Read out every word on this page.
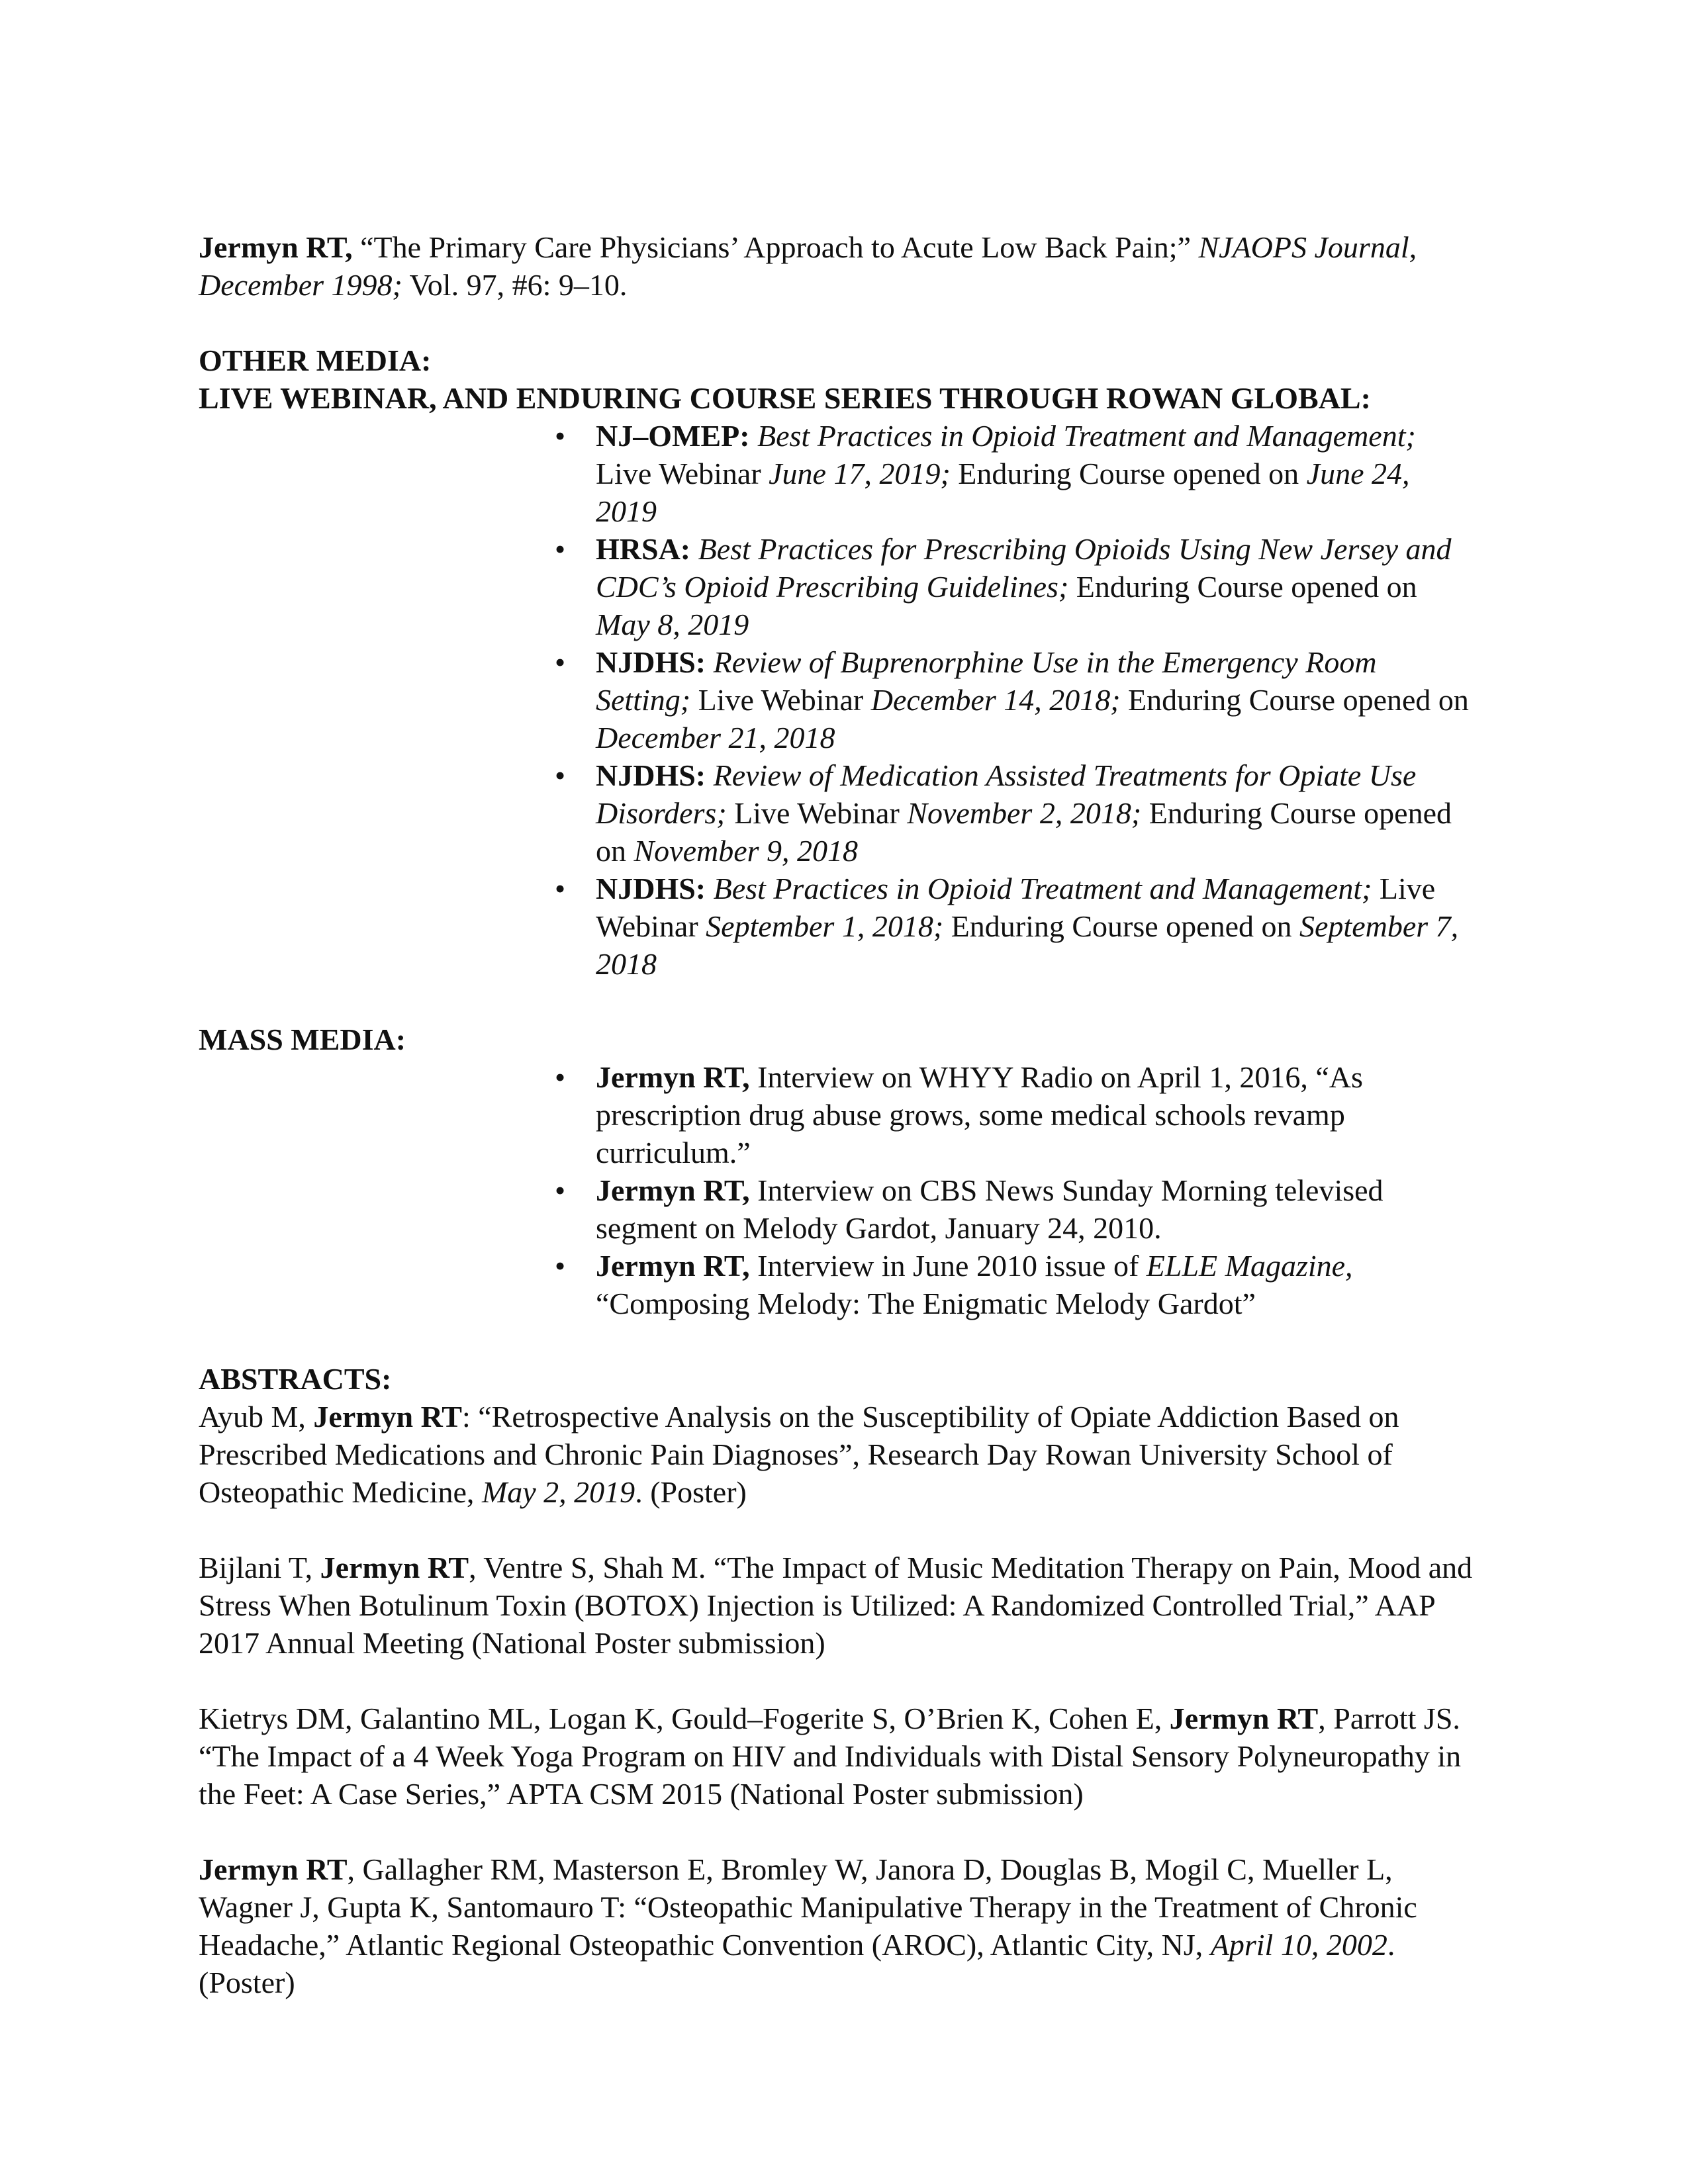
Jermyn RT, “The Primary Care Physicians’ Approach to Acute Low Back Pain;” NJAOPS Journal, December 1998; Vol. 97, #6: 9–10.

OTHER MEDIA:

LIVE WEBINAR, AND ENDURING COURSE SERIES THROUGH ROWAN GLOBAL:

• NJ–OMEP: Best Practices in Opioid Treatment and Management; Live Webinar June 17, 2019; Enduring Course opened on June 24, 2019
• HRSA: Best Practices for Prescribing Opioids Using New Jersey and CDC’s Opioid Prescribing Guidelines; Enduring Course opened on May 8, 2019
• NJDHS: Review of Buprenorphine Use in the Emergency Room Setting; Live Webinar December 14, 2018; Enduring Course opened on December 21, 2018
• NJDHS: Review of Medication Assisted Treatments for Opiate Use Disorders; Live Webinar November 2, 2018; Enduring Course opened on November 9, 2018
• NJDHS: Best Practices in Opioid Treatment and Management; Live Webinar September 1, 2018; Enduring Course opened on September 7, 2018

MASS MEDIA:

• Jermyn RT, Interview on WHYY Radio on April 1, 2016, “As prescription drug abuse grows, some medical schools revamp curriculum.”
• Jermyn RT, Interview on CBS News Sunday Morning televised segment on Melody Gardot, January 24, 2010.
• Jermyn RT, Interview in June 2010 issue of ELLE Magazine, “Composing Melody: The Enigmatic Melody Gardot”

ABSTRACTS:

Ayub M, Jermyn RT: “Retrospective Analysis on the Susceptibility of Opiate Addiction Based on Prescribed Medications and Chronic Pain Diagnoses”, Research Day Rowan University School of Osteopathic Medicine, May 2, 2019. (Poster)

Bijlani T, Jermyn RT, Ventre S, Shah M. “The Impact of Music Meditation Therapy on Pain, Mood and Stress When Botulinum Toxin (BOTOX) Injection is Utilized: A Randomized Controlled Trial,” AAP 2017 Annual Meeting (National Poster submission)

Kietrys DM, Galantino ML, Logan K, Gould–Fogerite S, O’Brien K, Cohen E, Jermyn RT, Parrott JS. “The Impact of a 4 Week Yoga Program on HIV and Individuals with Distal Sensory Polyneuropathy in the Feet: A Case Series,” APTA CSM 2015 (National Poster submission)

Jermyn RT, Gallagher RM, Masterson E, Bromley W, Janora D, Douglas B, Mogil C, Mueller L, Wagner J, Gupta K, Santomauro T: “Osteopathic Manipulative Therapy in the Treatment of Chronic Headache,” Atlantic Regional Osteopathic Convention (AROC), Atlantic City, NJ, April 10, 2002. (Poster)
